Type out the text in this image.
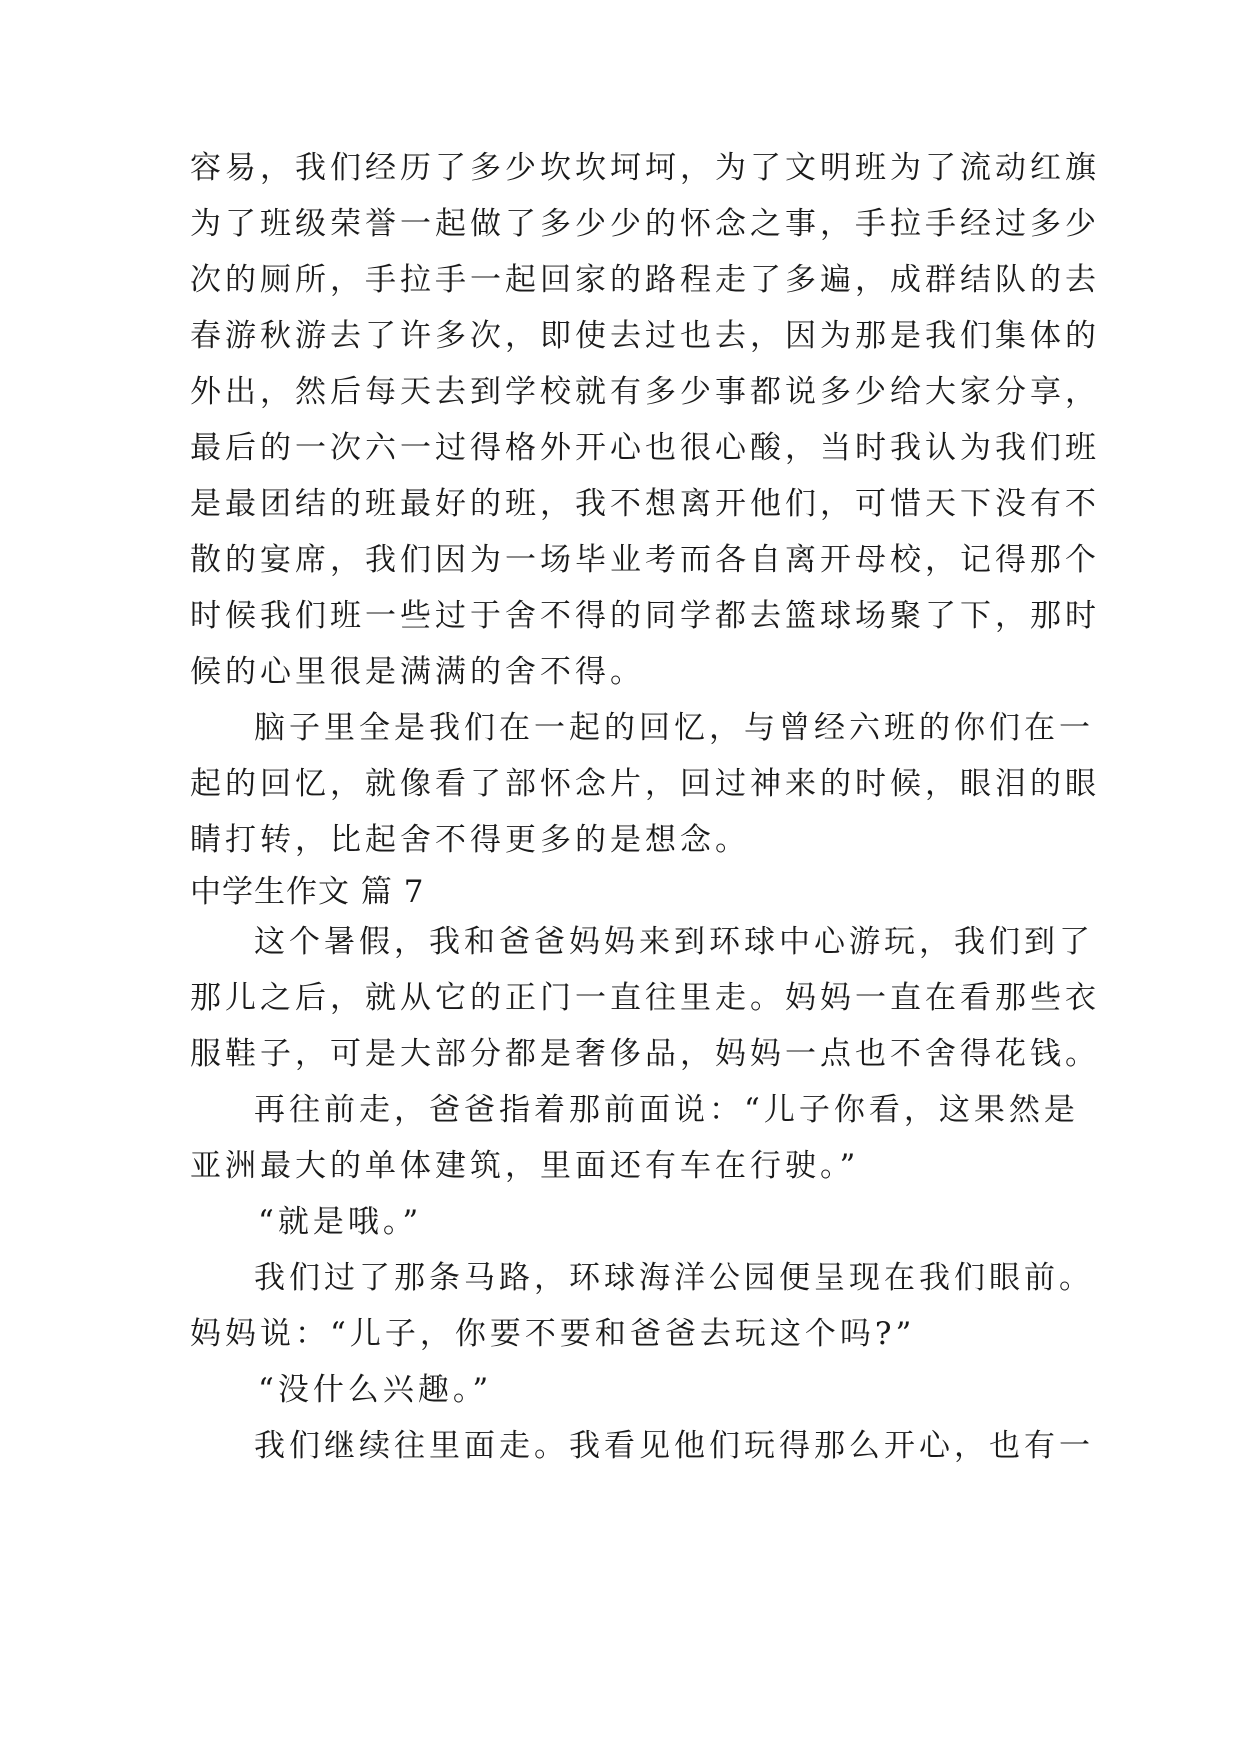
容易，我们经历了多少坎坎坷坷，为了文明班为了流动红旗
为了班级荣誉一起做了多少少的怀念之事，手拉手经过多少
次的厕所，手拉手一起回家的路程走了多遍，成群结队的去
春游秋游去了许多次，即使去过也去，因为那是我们集体的
外出，然后每天去到学校就有多少事都说多少给大家分享，
最后的一次六一过得格外开心也很心酸，当时我认为我们班
是最团结的班最好的班，我不想离开他们，可惜天下没有不
散的宴席，我们因为一场毕业考而各自离开母校，记得那个
时候我们班一些过于舍不得的同学都去篮球场聚了下，那时
候的心里很是满满的舍不得。
脑子里全是我们在一起的回忆，与曾经六班的你们在一
起的回忆，就像看了部怀念片，回过神来的时候，眼泪的眼
睛打转，比起舍不得更多的是想念。
中学生作文 篇 7
这个暑假，我和爸爸妈妈来到环球中心游玩，我们到了
那儿之后，就从它的正门一直往里走。妈妈一直在看那些衣
服鞋子，可是大部分都是奢侈品，妈妈一点也不舍得花钱。
再往前走，爸爸指着那前面说：“儿子你看，这果然是
亚洲最大的单体建筑，里面还有车在行驶。”
“就是哦。”
我们过了那条马路，环球海洋公园便呈现在我们眼前。
妈妈说：“儿子，你要不要和爸爸去玩这个吗?”
“没什么兴趣。”
我们继续往里面走。我看见他们玩得那么开心，也有一
